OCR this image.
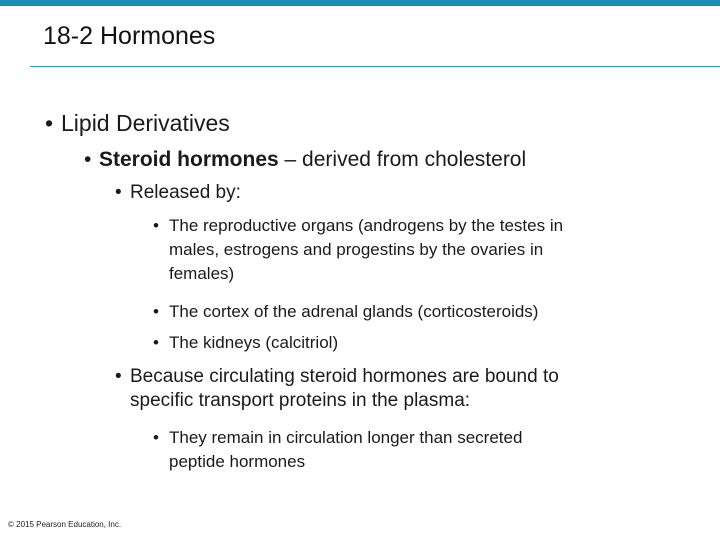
18-2 Hormones
• Lipid Derivatives
• Steroid hormones – derived from cholesterol
• Released by:
• The reproductive organs (androgens by the testes in
males, estrogens and progestins by the ovaries in
females)
• The cortex of the adrenal glands (corticosteroids)
• The kidneys (calcitriol)
• Because circulating steroid hormones are bound to
specific transport proteins in the plasma:
• They remain in circulation longer than secreted
peptide hormones
© 2015 Pearson Education, Inc.
